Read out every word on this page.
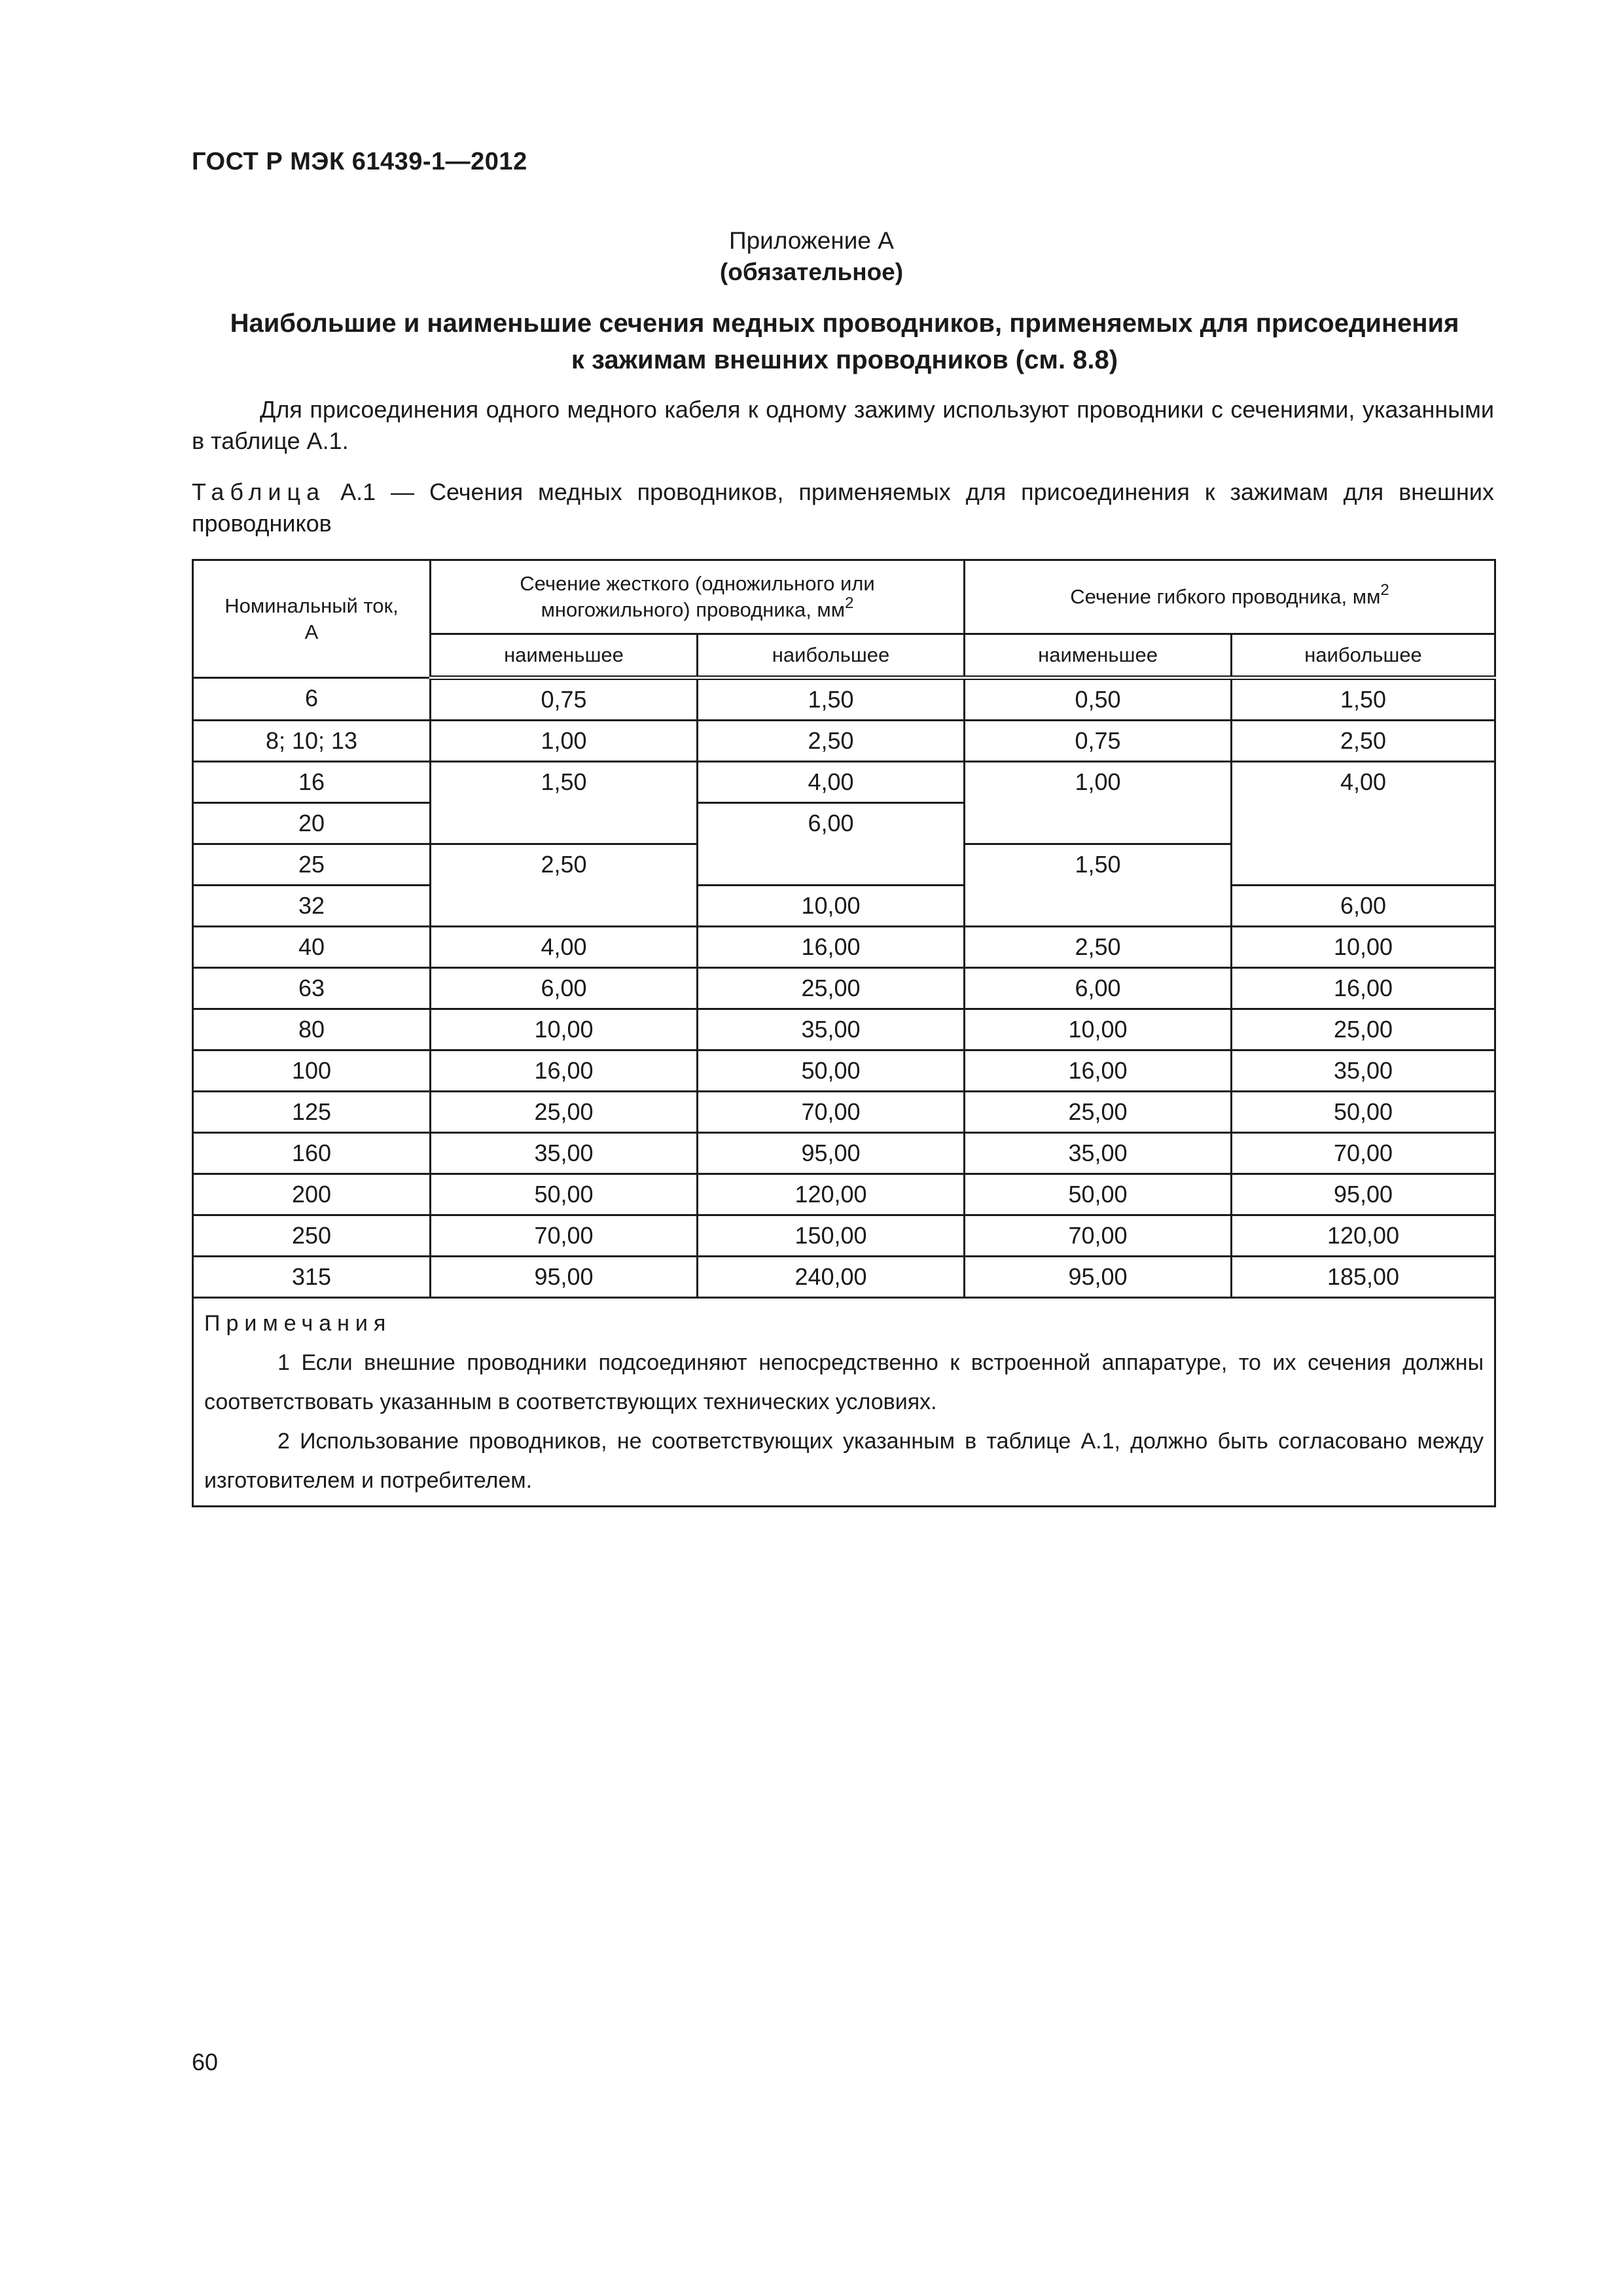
ГОСТ Р МЭК 61439-1—2012
Приложение А
(обязательное)
Наибольшие и наименьшие сечения медных проводников, применяемых для присоединения
к зажимам внешних проводников (см. 8.8)
Для присоединения одного медного кабеля к одному зажиму используют проводники с сечениями, указанными в таблице А.1.
Таблица А.1 — Сечения медных проводников, применяемых для присоединения к зажимам для внешних проводников
Номинальный ток, А	Сечение жесткого (одножильного или многожильного) проводника, $мм^2$		Сечение гибкого проводника, $мм^2$
	наименьшее	наибольшее	наименьшее	наибольшее
6	0,75	1,50	0,50	1,50
8; 10; 13	1,00	2,50	0,75	2,50
16	1,50	4,00	1,00	4,00
20		6,00		
25	2,50		1,50	
32		10,00		6,00
40	4,00	16,00	2,50	10,00
63	6,00	25,00	6,00	16,00
80	10,00	35,00	10,00	25,00
100	16,00	50,00	16,00	35,00
125	25,00	70,00	25,00	50,00
160	35,00	95,00	35,00	70,00
200	50,00	120,00	50,00	95,00
250	70,00	150,00	70,00	120,00
315	95,00	240,00	95,00	185,00

Примечания

1 Если внешние проводники подсоединяют непосредственно к встроенной аппаратуре, то их сечения должны соответствовать указанным в соответствующих технических условиях.

2 Использование проводников, не соответствующих указанным в таблице А.1, должно быть согласовано между изготовителем и потребителем.				

60
